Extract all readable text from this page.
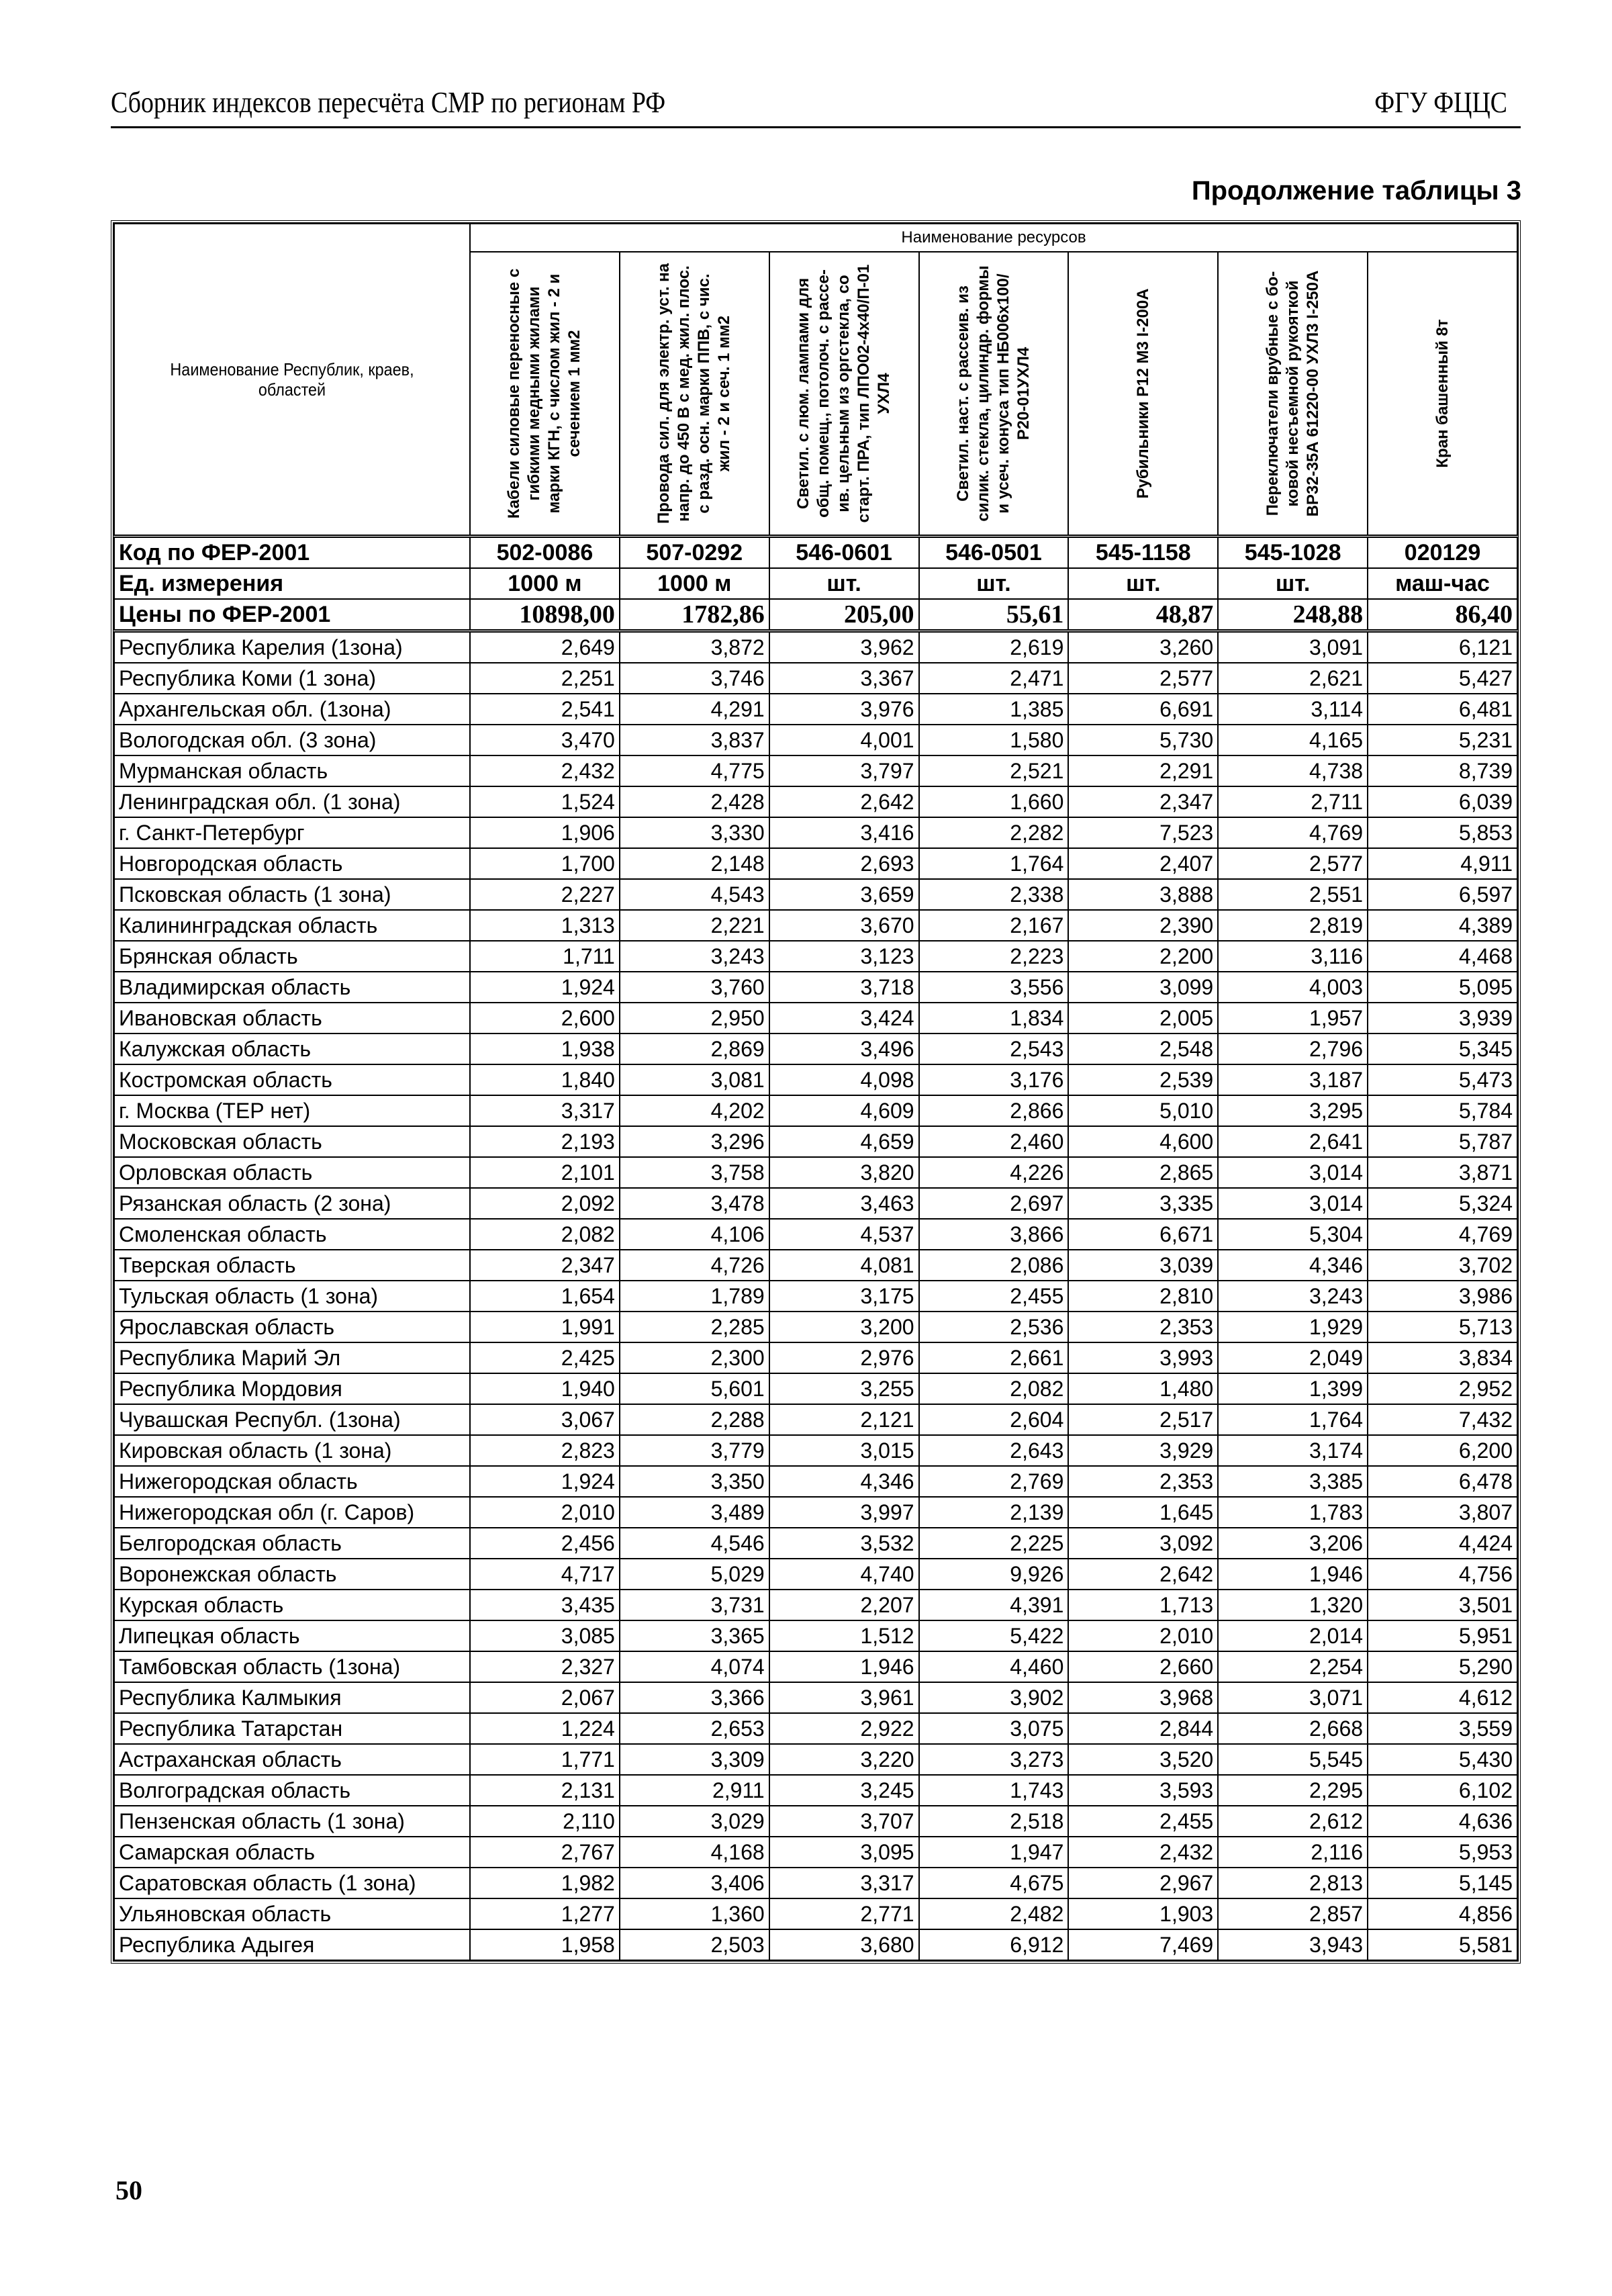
Сборник индексов пересчёта СМР по регионам РФ	ФГУ ФЦЦС
Продолжение таблицы 3
Наименование Республик, краев, областей	Наименование ресурсов						

	Кабели силовые переносные с гибкими медными жилами марки КГН, с числом жил - 2 и сечением 1 мм2	Провода сил. для электр. уст. на напр. до 450 В с мед. жил. плос. с разд. осн. марки ППВ, с чис. жил - 2 и сеч. 1 мм2	Светил. с люм. лампами для общ. помещ., потолоч. с рассе-ив. цельным из оргстекла, со старт. ПРА, тип ЛПО02-4х40/П-01 УХЛ4	Светил. наст. с рассеив. из силик. стекла, цилиндр. формы и усеч. конуса тип НБ006х100/Р20-01УХЛ4	Рубильники Р12 М3 I-200А	Переключатели врубные с бо-ковой несъемной рукояткой ВР32-35А 61220-00 УХЛ3 I-250А	Кран башенный 8т

Код по ФЕР-2001	502-0086	507-0292	546-0601	546-0501	545-1158	545-1028	020129
Ед. измерения	1000 м	1000 м	шт.	шт.	шт.	шт.	маш-час
Цены по ФЕР-2001	10898,00	1782,86	205,00	55,61	48,87	248,88	86,40
Республика Карелия (1зона)	2,649	3,872	3,962	2,619	3,260	3,091	6,121
Республика Коми (1 зона)	2,251	3,746	3,367	2,471	2,577	2,621	5,427
Архангельская обл. (1зона)	2,541	4,291	3,976	1,385	6,691	3,114	6,481
Вологодская обл. (3 зона)	3,470	3,837	4,001	1,580	5,730	4,165	5,231
Мурманская область	2,432	4,775	3,797	2,521	2,291	4,738	8,739
Ленинградская обл. (1 зона)	1,524	2,428	2,642	1,660	2,347	2,711	6,039
г. Санкт-Петербург	1,906	3,330	3,416	2,282	7,523	4,769	5,853
Новгородская область	1,700	2,148	2,693	1,764	2,407	2,577	4,911
Псковская область (1 зона)	2,227	4,543	3,659	2,338	3,888	2,551	6,597
Калининградская область	1,313	2,221	3,670	2,167	2,390	2,819	4,389
Брянская область	1,711	3,243	3,123	2,223	2,200	3,116	4,468
Владимирская область	1,924	3,760	3,718	3,556	3,099	4,003	5,095
Ивановская область	2,600	2,950	3,424	1,834	2,005	1,957	3,939
Калужская область	1,938	2,869	3,496	2,543	2,548	2,796	5,345
Костромская область	1,840	3,081	4,098	3,176	2,539	3,187	5,473
г. Москва (ТЕР нет)	3,317	4,202	4,609	2,866	5,010	3,295	5,784
Московская область	2,193	3,296	4,659	2,460	4,600	2,641	5,787
Орловская область	2,101	3,758	3,820	4,226	2,865	3,014	3,871
Рязанская область (2 зона)	2,092	3,478	3,463	2,697	3,335	3,014	5,324
Смоленская область	2,082	4,106	4,537	3,866	6,671	5,304	4,769
Тверская область	2,347	4,726	4,081	2,086	3,039	4,346	3,702
Тульская область (1 зона)	1,654	1,789	3,175	2,455	2,810	3,243	3,986
Ярославская область	1,991	2,285	3,200	2,536	2,353	1,929	5,713
Республика Марий Эл	2,425	2,300	2,976	2,661	3,993	2,049	3,834
Республика Мордовия	1,940	5,601	3,255	2,082	1,480	1,399	2,952
Чувашская Республ. (1зона)	3,067	2,288	2,121	2,604	2,517	1,764	7,432
Кировская область (1 зона)	2,823	3,779	3,015	2,643	3,929	3,174	6,200
Нижегородская область	1,924	3,350	4,346	2,769	2,353	3,385	6,478
Нижегородская обл (г. Саров)	2,010	3,489	3,997	2,139	1,645	1,783	3,807
Белгородская область	2,456	4,546	3,532	2,225	3,092	3,206	4,424
Воронежская область	4,717	5,029	4,740	9,926	2,642	1,946	4,756
Курская область	3,435	3,731	2,207	4,391	1,713	1,320	3,501
Липецкая область	3,085	3,365	1,512	5,422	2,010	2,014	5,951
Тамбовская область (1зона)	2,327	4,074	1,946	4,460	2,660	2,254	5,290
Республика Калмыкия	2,067	3,366	3,961	3,902	3,968	3,071	4,612
Республика Татарстан	1,224	2,653	2,922	3,075	2,844	2,668	3,559
Астраханская область	1,771	3,309	3,220	3,273	3,520	5,545	5,430
Волгоградская область	2,131	2,911	3,245	1,743	3,593	2,295	6,102
Пензенская область (1 зона)	2,110	3,029	3,707	2,518	2,455	2,612	4,636
Самарская область	2,767	4,168	3,095	1,947	2,432	2,116	5,953
Саратовская область (1 зона)	1,982	3,406	3,317	4,675	2,967	2,813	5,145
Ульяновская область	1,277	1,360	2,771	2,482	1,903	2,857	4,856
Республика Адыгея	1,958	2,503	3,680	6,912	7,469	3,943	5,581
50
